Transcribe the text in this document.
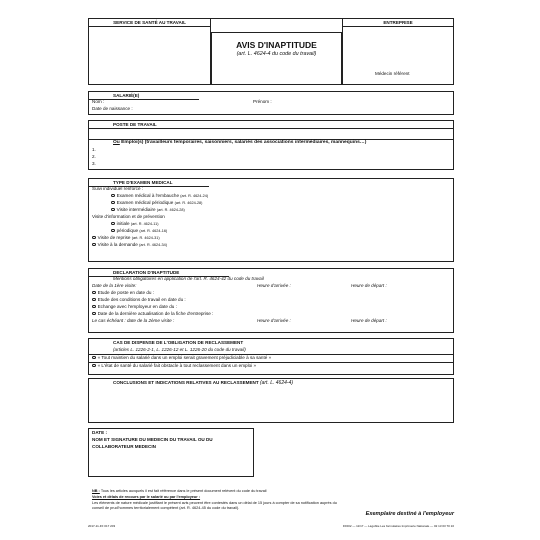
SERVICE DE SANTÉ AU TRAVAIL
AVIS D'INAPTITUDE
(art. L. 4624-4 du code du travail)
ENTREPRISE
Médecin référent
SALARIÉ(E)
Nom :	Prénom :
Date de naissance :
POSTE DE TRAVAIL
Ou Emploi(s) (travailleurs temporaires, saisonniers, salariés des associations intermédiaires, mannequins…)
1.
2.
3.
TYPE D'EXAMEN MEDICAL
Suivi individuel renforcé :
Examen médical à l'embauche (art. R. 4624-24)
Examen médical périodique (art. R. 4624-28)
Visite intermédiaire (art. R. 4624-28)
Visite d'information et de prévention
initiale (art. R. 4624-11)
périodique (art. R. 4624-16)
Visite de reprise (art. R. 4624-31)
Visite à la demande (art. R. 4624-34)
DECLARATION D'INAPTITUDE
Mentions obligatoires en application de l'art. R. 4624-42 du code du travail
Date de la 1ère visite:	Heure d'arrivée :	Heure de départ :
Etude de poste en date du :
Etude des conditions de travail en date du :
Echange avec l'employeur en date du :
Date de la dernière actualisation de la fiche d'entreprise :
Le cas échéant : date de la 2ème visite :	Heure d'arrivée :	Heure de départ :
CAS DE DISPENSE DE L'OBLIGATION DE RECLASSEMENT
(articles L. 1226-2-1, L. 1226-12 et L. 1226-20 du code du travail)
« Tout maintien du salarié dans un emploi serait gravement préjudiciable à sa santé »
« L'état de santé du salarié fait obstacle à tout reclassement dans un emploi »
CONCLUSIONS ET INDICATIONS RELATIVES AU RECLASSEMENT (art. L. 4624-4)
DATE :
NOM ET SIGNATURE DU MEDECIN DU TRAVAIL OU DU
COLLABORATEUR MEDECIN
NB : Tous les articles auxquels il est fait référence dans le présent document relèvent du code du travail
Voies et délais de recours par le salarié ou par l'employeur :
Les éléments de nature médicale justifiant le présent avis peuvent être contestés dans un délai de 15 jours à compter de sa notification auprès du
conseil de prud'hommes territorialement compétent (art. R. 4624-45 du code du travail).
Exemplaire destiné à l'employeur
2017-11-FF 017 203	FF002 — 11/17 — Légoblie Les formulaires Imprimerie Nationale — 02 13 03 70 10
